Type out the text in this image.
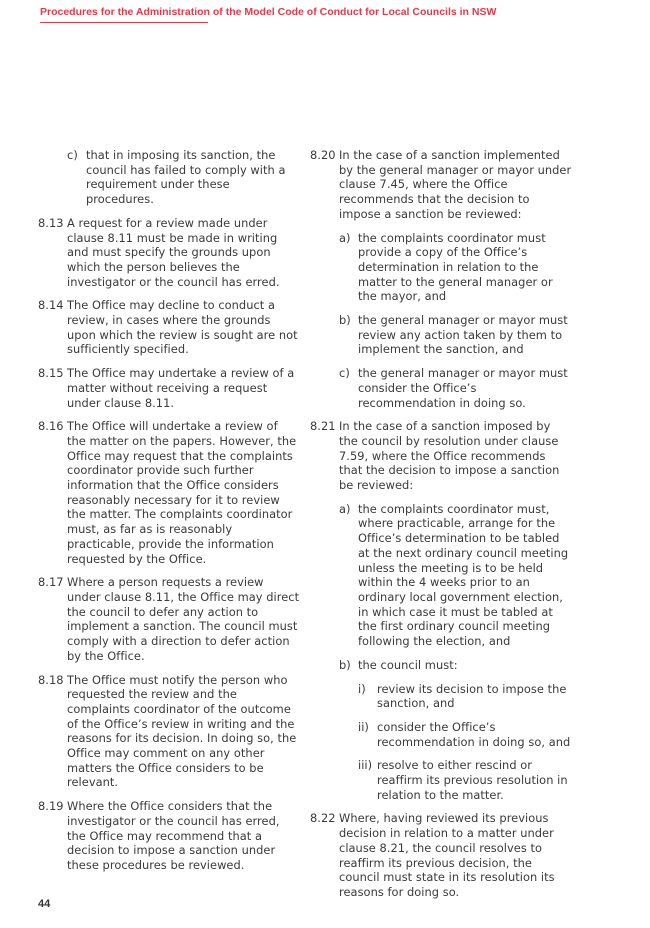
Procedures for the Administration of the Model Code of Conduct for Local Councils in NSW
c) that in imposing its sanction, the council has failed to comply with a requirement under these procedures.
8.13 A request for a review made under clause 8.11 must be made in writing and must specify the grounds upon which the person believes the investigator or the council has erred.
8.14 The Office may decline to conduct a review, in cases where the grounds upon which the review is sought are not sufficiently specified.
8.15 The Office may undertake a review of a matter without receiving a request under clause 8.11.
8.16 The Office will undertake a review of the matter on the papers. However, the Office may request that the complaints coordinator provide such further information that the Office considers reasonably necessary for it to review the matter. The complaints coordinator must, as far as is reasonably practicable, provide the information requested by the Office.
8.17 Where a person requests a review under clause 8.11, the Office may direct the council to defer any action to implement a sanction. The council must comply with a direction to defer action by the Office.
8.18 The Office must notify the person who requested the review and the complaints coordinator of the outcome of the Office’s review in writing and the reasons for its decision. In doing so, the Office may comment on any other matters the Office considers to be relevant.
8.19 Where the Office considers that the investigator or the council has erred, the Office may recommend that a decision to impose a sanction under these procedures be reviewed.
8.20 In the case of a sanction implemented by the general manager or mayor under clause 7.45, where the Office recommends that the decision to impose a sanction be reviewed:
a) the complaints coordinator must provide a copy of the Office’s determination in relation to the matter to the general manager or the mayor, and
b) the general manager or mayor must review any action taken by them to implement the sanction, and
c) the general manager or mayor must consider the Office’s recommendation in doing so.
8.21 In the case of a sanction imposed by the council by resolution under clause 7.59, where the Office recommends that the decision to impose a sanction be reviewed:
a) the complaints coordinator must, where practicable, arrange for the Office’s determination to be tabled at the next ordinary council meeting unless the meeting is to be held within the 4 weeks prior to an ordinary local government election, in which case it must be tabled at the first ordinary council meeting following the election, and
b) the council must:
i) review its decision to impose the sanction, and
ii) consider the Office’s recommendation in doing so, and
iii) resolve to either rescind or reaffirm its previous resolution in relation to the matter.
8.22 Where, having reviewed its previous decision in relation to a matter under clause 8.21, the council resolves to reaffirm its previous decision, the council must state in its resolution its reasons for doing so.
44
